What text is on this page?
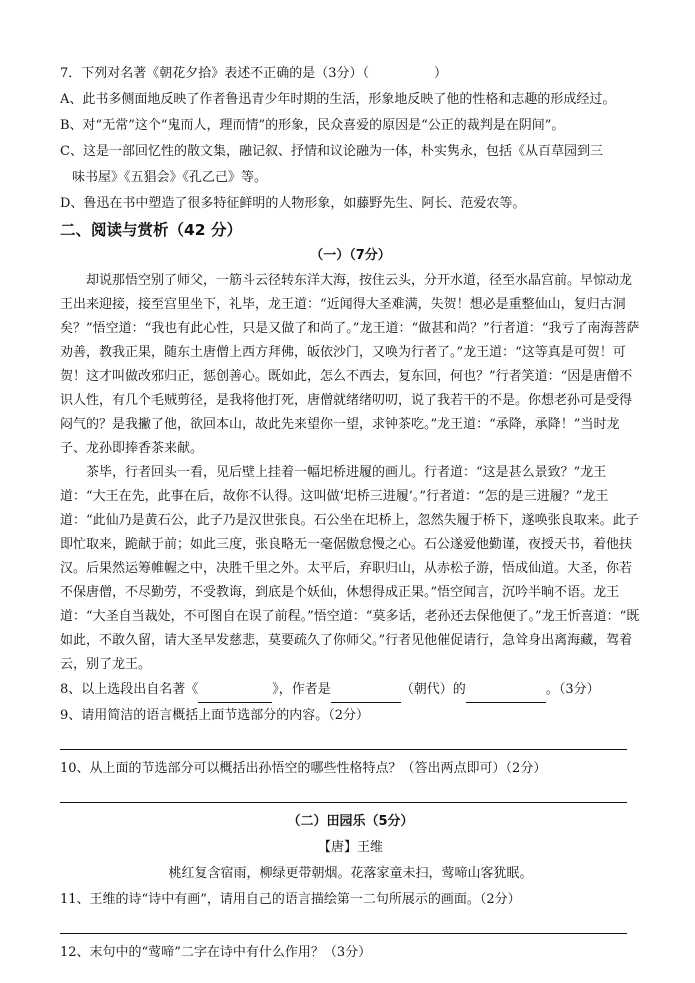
7．下列对名著《朝花夕拾》表述不正确的是（3分）（　　　　　）
A、此书多侧面地反映了作者鲁迅青少年时期的生活，形象地反映了他的性格和志趣的形成经过。
B、对“无常”这个“鬼而人，理而情”的形象，民众喜爱的原因是“公正的裁判是在阴间”。
C、这是一部回忆性的散文集，融记叙、抒情和议论融为一体，朴实隽永，包括《从百草园到三
味书屋》《五猖会》《孔乙己》等。
D、鲁迅在书中塑造了很多特征鲜明的人物形象，如藤野先生、阿长、范爱农等。
二、阅读与赏析（42 分）
（一）（7分）
却说那悟空别了师父，一筋斗云径转东洋大海，按住云头，分开水道，径至水晶宫前。早惊动龙王出来迎接，接至宫里坐下，礼毕，龙王道：“近闻得大圣难满，失贺！想必是重整仙山，复归古洞矣？”悟空道：“我也有此心性，只是又做了和尚了。”龙王道：“做甚和尚？”行者道：“我亏了南海菩萨劝善，教我正果，随东土唐僧上西方拜佛，皈依沙门，又唤为行者了。”龙王道：“这等真是可贺！可贺！这才叫做改邪归正，惩创善心。既如此，怎么不西去，复东回，何也？”行者笑道：“因是唐僧不识人性，有几个毛贼剪径，是我将他打死，唐僧就绪绪叨叨，说了我若干的不是。你想老孙可是受得闷气的？是我撇了他，欲回本山，故此先来望你一望，求钟茶吃。”龙王道：“承降，承降！”当时龙子、龙孙即捧香茶来献。
茶毕，行者回头一看，见后壁上挂着一幅圯桥进履的画儿。行者道：“这是甚么景致？”龙王道：“大王在先，此事在后，故你不认得。这叫做‘圯桥三进履’。”行者道：“怎的是三进履？”龙王道：“此仙乃是黄石公，此子乃是汉世张良。石公坐在圯桥上，忽然失履于桥下，遂唤张良取来。此子即忙取来，跪献于前；如此三度，张良略无一毫倨傲怠慢之心。石公遂爱他勤谨，夜授天书，着他扶汉。后果然运筹帷幄之中，决胜千里之外。太平后，弃职归山，从赤松子游，悟成仙道。大圣，你若不保唐僧，不尽勤劳，不受教诲，到底是个妖仙，休想得成正果。”悟空闻言，沉吟半晌不语。龙王道：“大圣自当裁处，不可图自在误了前程。”悟空道：“莫多话，老孙还去保他便了。”龙王忻喜道：“既如此，不敢久留，请大圣早发慈悲，莫要疏久了你师父。”行者见他催促请行，急耸身出离海藏，驾着云，别了龙王。
8、以上选段出自名著《	》，作者是	（朝代）的	。（3分）
9、请用简洁的语言概括上面节选部分的内容。（2分）
10、从上面的节选部分可以概括出孙悟空的哪些性格特点？（答出两点即可）（2分）
（二）田园乐（5分）
【唐】王维
桃红复含宿雨，柳绿更带朝烟。花落家童未扫，莺啼山客犹眠。
11、王维的诗“诗中有画”，请用自己的语言描绘第一二句所展示的画面。（2分）
12、末句中的“莺啼”二字在诗中有什么作用？（3分）
